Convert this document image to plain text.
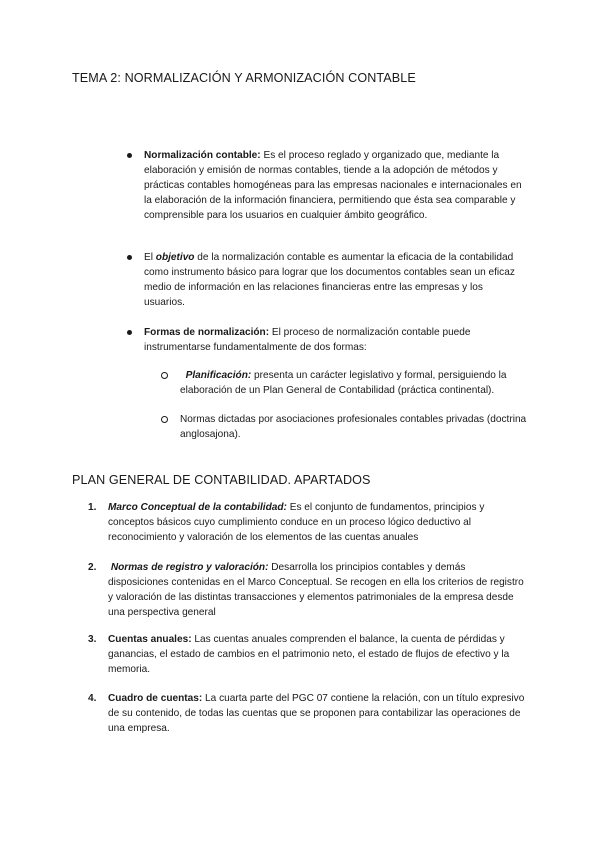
TEMA 2: NORMALIZACIÓN Y ARMONIZACIÓN CONTABLE
Normalización contable: Es el proceso reglado y organizado que, mediante la elaboración y emisión de normas contables, tiende a la adopción de métodos y prácticas contables homogéneas para las empresas nacionales e internacionales en la elaboración de la información financiera, permitiendo que ésta sea comparable y comprensible para los usuarios en cualquier ámbito geográfico.
El objetivo de la normalización contable es aumentar la eficacia de la contabilidad como instrumento básico para lograr que los documentos contables sean un eficaz medio de información en las relaciones financieras entre las empresas y los usuarios.
Formas de normalización: El proceso de normalización contable puede instrumentarse fundamentalmente de dos formas:
Planificación: presenta un carácter legislativo y formal, persiguiendo la elaboración de un Plan General de Contabilidad (práctica continental).
Normas dictadas por asociaciones profesionales contables privadas (doctrina anglosajona).
PLAN GENERAL DE CONTABILIDAD. APARTADOS
1. Marco Conceptual de la contabilidad: Es el conjunto de fundamentos, principios y conceptos básicos cuyo cumplimiento conduce en un proceso lógico deductivo al reconocimiento y valoración de los elementos de las cuentas anuales
2. Normas de registro y valoración: Desarrolla los principios contables y demás disposiciones contenidas en el Marco Conceptual. Se recogen en ella los criterios de registro y valoración de las distintas transacciones y elementos patrimoniales de la empresa desde una perspectiva general
3. Cuentas anuales: Las cuentas anuales comprenden el balance, la cuenta de pérdidas y ganancias, el estado de cambios en el patrimonio neto, el estado de flujos de efectivo y la memoria.
4. Cuadro de cuentas: La cuarta parte del PGC 07 contiene la relación, con un título expresivo de su contenido, de todas las cuentas que se proponen para contabilizar las operaciones de una empresa.
